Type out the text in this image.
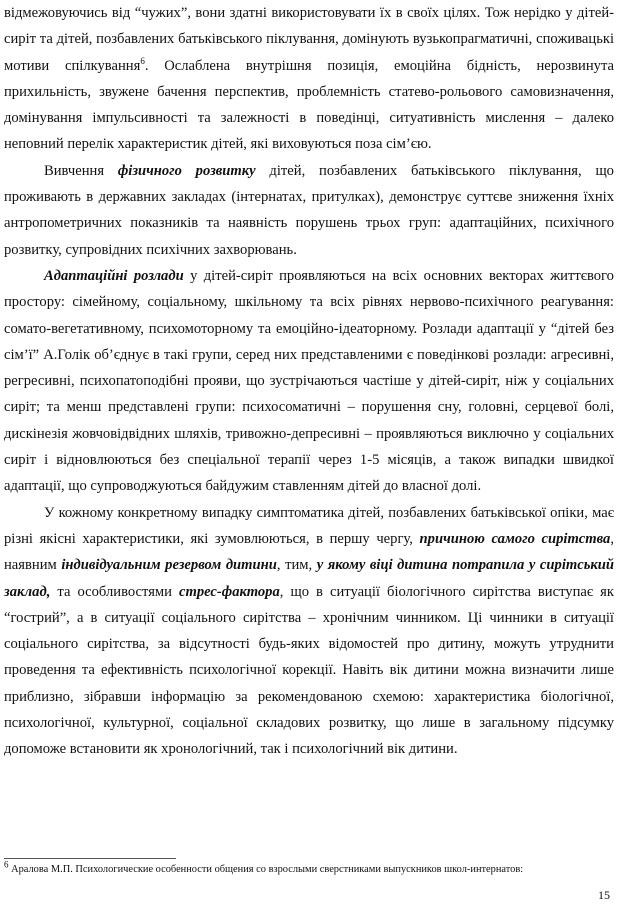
відмежовуючись від “чужих”, вони здатні використовувати їх в своїх цілях. Тож нерідко у дітей-сиріт та дітей, позбавлених батьківського піклування, домінують вузькопрагматичні, споживацькі мотиви спілкування$^6$. Ослаблена внутрішня позиція, емоційна бідність, нерозвинута прихильність, звужене бачення перспектив, проблемність статево-рольового самовизначення, домінування імпульсивності та залежності в поведінці, ситуативність мислення – далеко неповний перелік характеристик дітей, які виховуються поза сім’єю.

Вивчення фізичного розвитку дітей, позбавлених батьківського піклування, що проживають в державних закладах (інтернатах, притулках), демонструє суттєве зниження їхніх антропометричних показників та наявність порушень трьох груп: адаптаційних, психічного розвитку, супровідних психічних захворювань.

Адаптаційні розлади у дітей-сиріт проявляються на всіх основних векторах життєвого простору: сімейному, соціальному, шкільному та всіх рівнях нервово-психічного реагування: сомато-вегетативному, психомоторному та емоційно-ідеаторному. Розлади адаптації у “дітей без сім’ї” А.Голік об’єднує в такі групи, серед них представленими є поведінкові розлади: агресивні, регресивні, психопатоподібні прояви, що зустрічаються частіше у дітей-сиріт, ніж у соціальних сиріт; та менш представлені групи: психосоматичні – порушення сну, головні, серцевої болі, дискінезія жовчовідвідних шляхів, тривожно-депресивні – проявляються виключно у соціальних сиріт і відновлюються без спеціальної терапії через 1-5 місяців, а також випадки швидкої адаптації, що супроводжуються байдужим ставленням дітей до власної долі.

У кожному конкретному випадку симптоматика дітей, позбавлених батьківської опіки, має різні якісні характеристики, які зумовлюються, в першу чергу, причиною самого сирітства, наявним індивідуальним резервом дитини, тим, у якому віці дитина потрапила у сирітський заклад, та особливостями стрес-фактора, що в ситуації біологічного сирітства виступає як “гострий”, а в ситуації соціального сирітства – хронічним чинником. Ці чинники в ситуації соціального сирітства, за відсутності будь-яких відомостей про дитину, можуть утруднити проведення та ефективність психологічної корекції. Навіть вік дитини можна визначити лише приблизно, зібравши інформацію за рекомендованою схемою: характеристика біологічної, психологічної, культурної, соціальної складових розвитку, що лише в загальному підсумку допоможе встановити як хронологічний, так і психологічний вік дитини.

$^6$ Аралова М.П. Психологические особенности общения со взрослыми сверстниками выпускников школ-интернатов:
15
